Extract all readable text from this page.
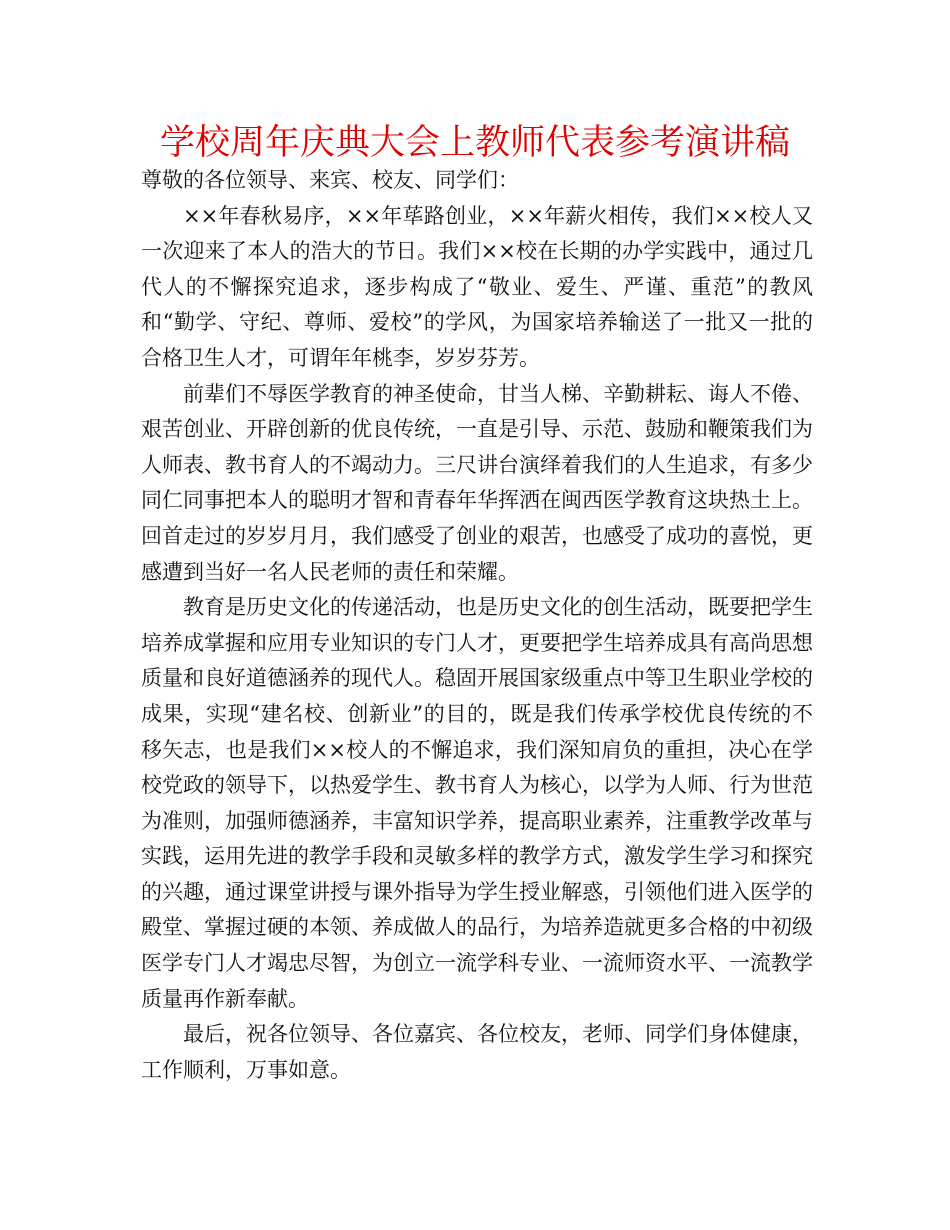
学校周年庆典大会上教师代表参考演讲稿

尊敬的各位领导、来宾、校友、同学们：

××年春秋易序，××年荜路创业，××年薪火相传，我们××校人又一次迎来了本人的浩大的节日。我们××校在长期的办学实践中，通过几代人的不懈探究追求，逐步构成了“敬业、爱生、严谨、重范”的教风和“勤学、守纪、尊师、爱校”的学风，为国家培养输送了一批又一批的合格卫生人才，可谓年年桃李，岁岁芬芳。

前辈们不辱医学教育的神圣使命，甘当人梯、辛勤耕耘、诲人不倦、艰苦创业、开辟创新的优良传统，一直是引导、示范、鼓励和鞭策我们为人师表、教书育人的不竭动力。三尺讲台演绎着我们的人生追求，有多少同仁同事把本人的聪明才智和青春年华挥洒在闽西医学教育这块热土上。回首走过的岁岁月月，我们感受了创业的艰苦，也感受了成功的喜悦，更感遭到当好一名人民老师的责任和荣耀。

教育是历史文化的传递活动，也是历史文化的创生活动，既要把学生培养成掌握和应用专业知识的专门人才，更要把学生培养成具有高尚思想质量和良好道德涵养的现代人。稳固开展国家级重点中等卫生职业学校的成果，实现“建名校、创新业”的目的，既是我们传承学校优良传统的不移矢志，也是我们××校人的不懈追求，我们深知肩负的重担，决心在学校党政的领导下，以热爱学生、教书育人为核心，以学为人师、行为世范为准则，加强师德涵养，丰富知识学养，提高职业素养，注重教学改革与实践，运用先进的教学手段和灵敏多样的教学方式，激发学生学习和探究的兴趣，通过课堂讲授与课外指导为学生授业解惑，引领他们进入医学的殿堂、掌握过硬的本领、养成做人的品行，为培养造就更多合格的中初级医学专门人才竭忠尽智，为创立一流学科专业、一流师资水平、一流教学质量再作新奉献。

最后，祝各位领导、各位嘉宾、各位校友，老师、同学们身体健康，工作顺利，万事如意。
